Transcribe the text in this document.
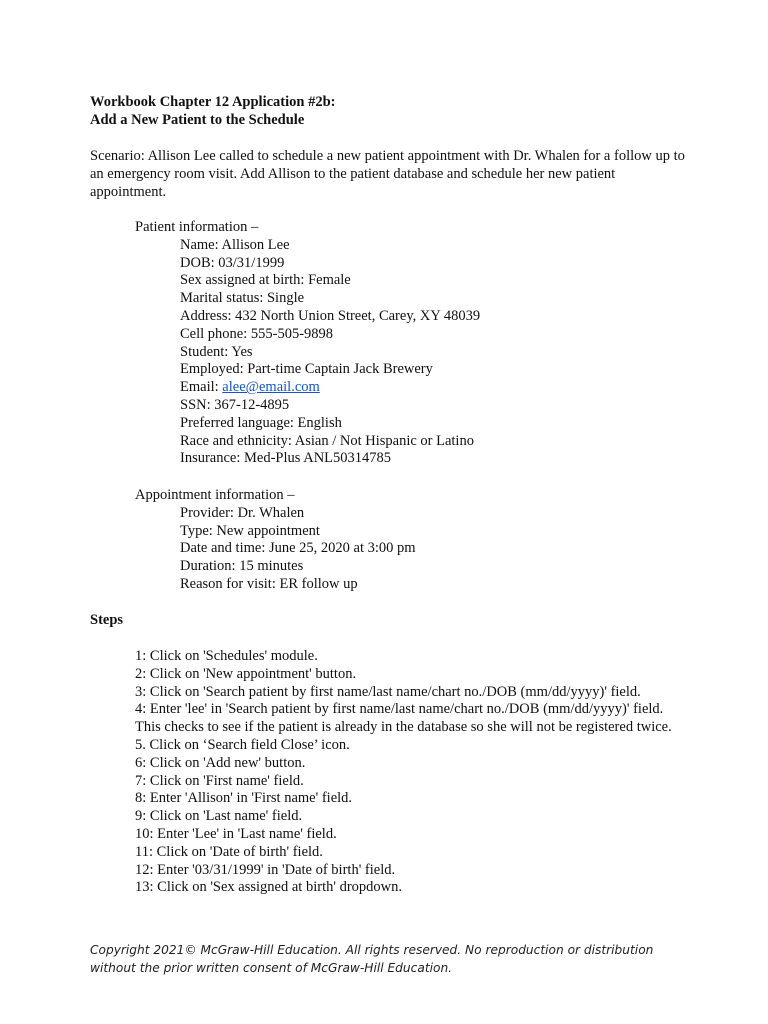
Workbook Chapter 12 Application #2b:
Add a New Patient to the Schedule
Scenario: Allison Lee called to schedule a new patient appointment with Dr. Whalen for a follow up to an emergency room visit. Add Allison to the patient database and schedule her new patient appointment.
Patient information –
Name: Allison Lee
DOB: 03/31/1999
Sex assigned at birth: Female
Marital status: Single
Address: 432 North Union Street, Carey, XY 48039
Cell phone: 555-505-9898
Student: Yes
Employed: Part-time Captain Jack Brewery
Email: alee@email.com
SSN: 367-12-4895
Preferred language: English
Race and ethnicity: Asian / Not Hispanic or Latino
Insurance: Med-Plus ANL50314785
Appointment information –
Provider: Dr. Whalen
Type: New appointment
Date and time: June 25, 2020 at 3:00 pm
Duration: 15 minutes
Reason for visit: ER follow up
Steps

1: Click on 'Schedules' module.

2: Click on 'New appointment' button.

3: Click on 'Search patient by first name/last name/chart no./DOB (mm/dd/yyyy)' field.

4: Enter 'lee' in 'Search patient by first name/last name/chart no./DOB (mm/dd/yyyy)' field. This checks to see if the patient is already in the database so she will not be registered twice.

5. Click on ‘Search field Close’ icon.

6: Click on 'Add new' button.

7: Click on 'First name' field.

8: Enter 'Allison' in 'First name' field.

9: Click on 'Last name' field.

10: Enter 'Lee' in 'Last name' field.

11: Click on 'Date of birth' field.

12: Enter '03/31/1999' in 'Date of birth' field.

13: Click on 'Sex assigned at birth' dropdown.

Copyright 2021© McGraw-Hill Education. All rights reserved. No reproduction or distribution without the prior written consent of McGraw-Hill Education.
